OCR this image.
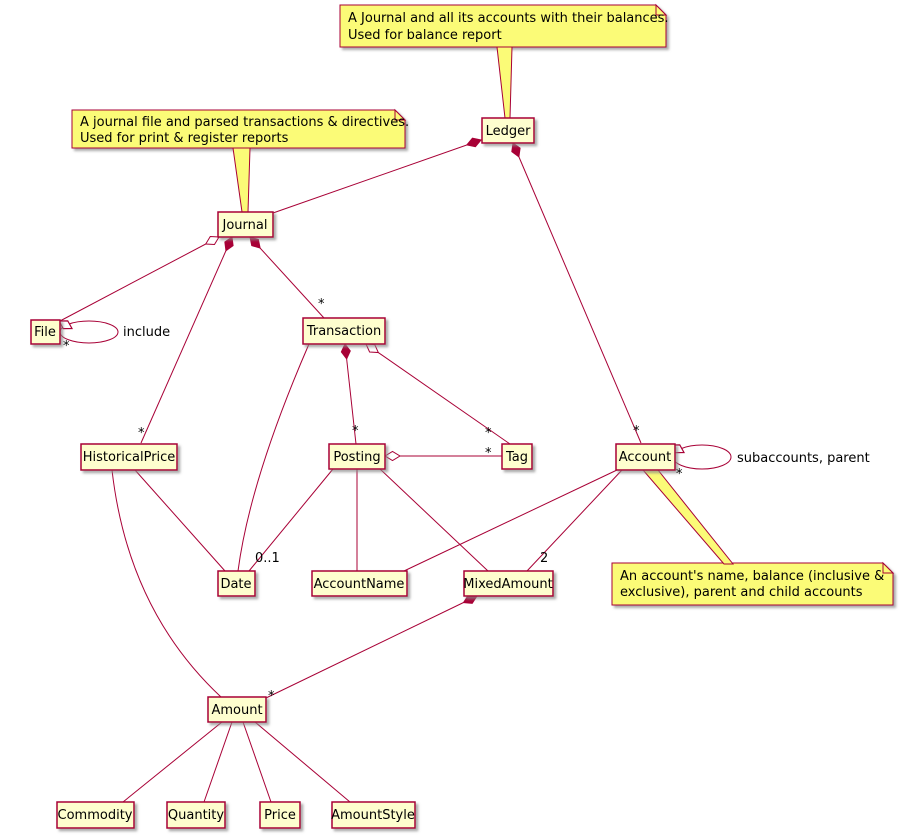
A Journal and all its accounts with their balances.
Used for balance report
A journal file and parsed transactions & directives.
Used for print & register reports
An account's name, balance (inclusive &
exclusive), parent and child accounts
Ledger
Journal
File	Transaction
HistoricalPrice	Posting	Tag	Account
Date	AccountName	MixedAmount
Amount
Commodity	Quantity	Price	AmountStyle
include
subaccounts, parent
*
*
*
*	*
*
*
*
*
0..1	2
